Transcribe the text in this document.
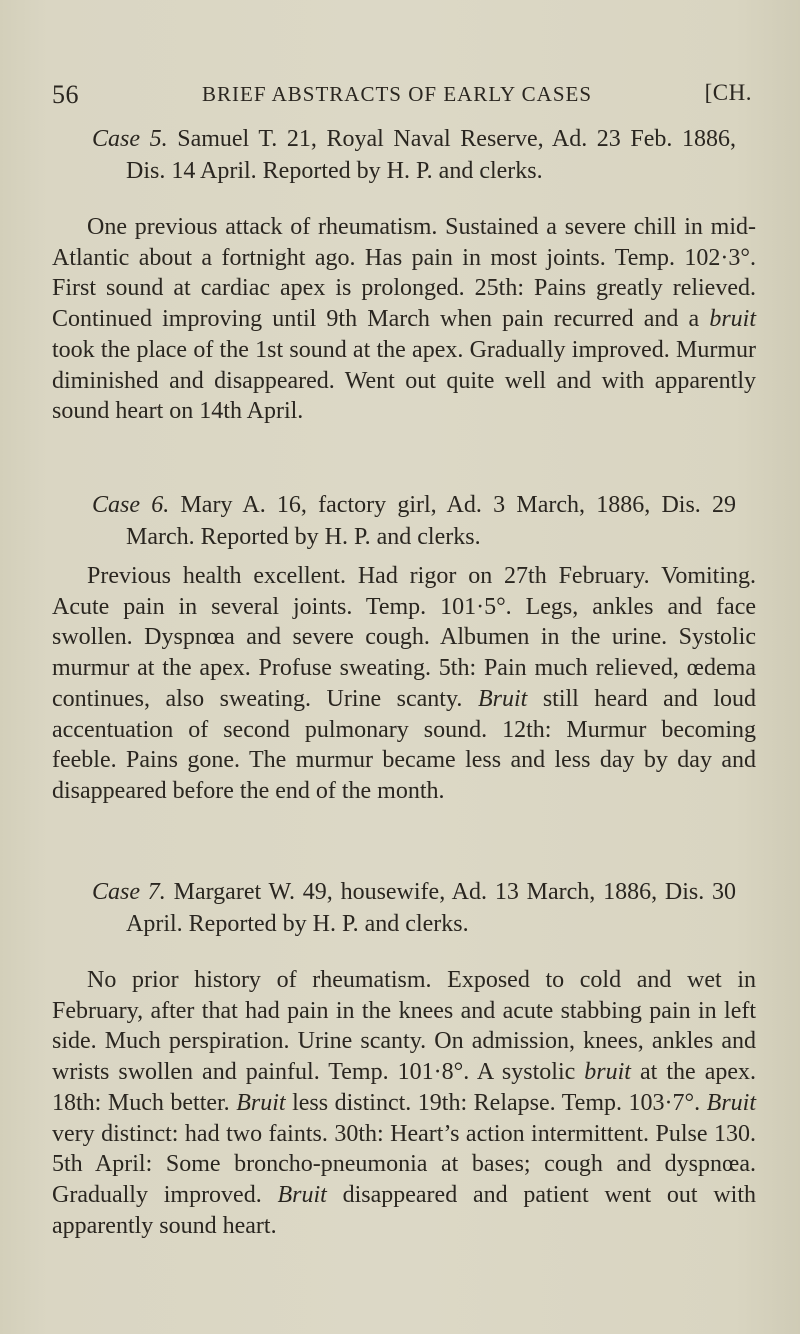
56	BRIEF ABSTRACTS OF EARLY CASES	[CH.

Case 5. Samuel T. 21, Royal Naval Reserve, Ad. 23 Feb. 1886, Dis. 14 April. Reported by H. P. and clerks.

One previous attack of rheumatism. Sustained a severe chill in mid-Atlantic about a fortnight ago. Has pain in most joints. Temp. 102·3°. First sound at cardiac apex is prolonged. 25th: Pains greatly relieved. Continued improving until 9th March when pain recurred and a bruit took the place of the 1st sound at the apex. Gradually improved. Murmur diminished and disappeared. Went out quite well and with apparently sound heart on 14th April.

Case 6. Mary A. 16, factory girl, Ad. 3 March, 1886, Dis. 29 March. Reported by H. P. and clerks.

Previous health excellent. Had rigor on 27th February. Vomiting. Acute pain in several joints. Temp. 101·5°. Legs, ankles and face swollen. Dyspnœa and severe cough. Albumen in the urine. Systolic murmur at the apex. Profuse sweating. 5th: Pain much relieved, œdema continues, also sweating. Urine scanty. Bruit still heard and loud accentuation of second pulmonary sound. 12th: Murmur becoming feeble. Pains gone. The murmur became less and less day by day and disappeared before the end of the month.

Case 7. Margaret W. 49, housewife, Ad. 13 March, 1886, Dis. 30 April. Reported by H. P. and clerks.

No prior history of rheumatism. Exposed to cold and wet in February, after that had pain in the knees and acute stabbing pain in left side. Much perspiration. Urine scanty. On admission, knees, ankles and wrists swollen and painful. Temp. 101·8°. A systolic bruit at the apex. 18th: Much better. Bruit less distinct. 19th: Relapse. Temp. 103·7°. Bruit very distinct: had two faints. 30th: Heart’s action intermittent. Pulse 130. 5th April: Some broncho-pneumonia at bases; cough and dyspnœa. Gradually improved. Bruit disappeared and patient went out with apparently sound heart.
